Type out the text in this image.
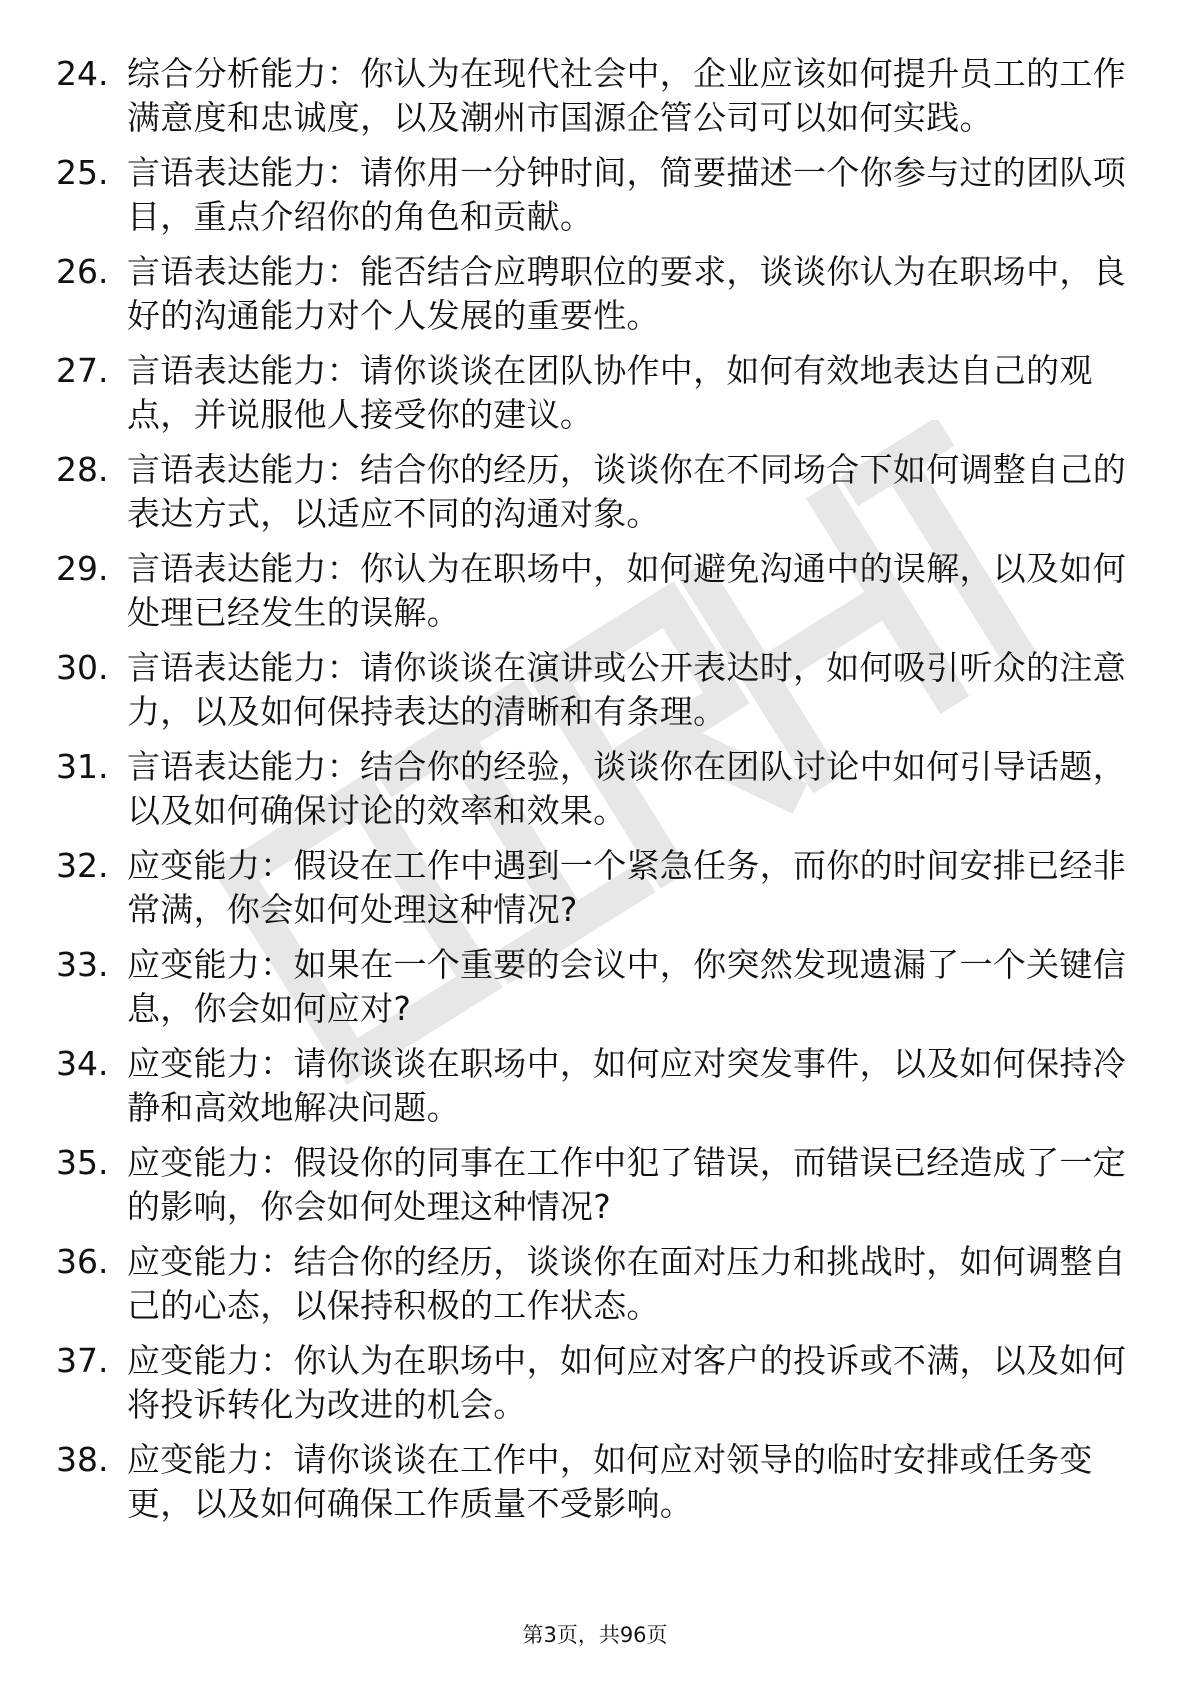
24. 综合分析能力：你认为在现代社会中，企业应该如何提升员工的工作满意度和忠诚度，以及潮州市国源企管公司可以如何实践。
25. 言语表达能力：请你用一分钟时间，简要描述一个你参与过的团队项目，重点介绍你的角色和贡献。
26. 言语表达能力：能否结合应聘职位的要求，谈谈你认为在职场中，良好的沟通能力对个人发展的重要性。
27. 言语表达能力：请你谈谈在团队协作中，如何有效地表达自己的观点，并说服他人接受你的建议。
28. 言语表达能力：结合你的经历，谈谈你在不同场合下如何调整自己的表达方式，以适应不同的沟通对象。
29. 言语表达能力：你认为在职场中，如何避免沟通中的误解，以及如何处理已经发生的误解。
30. 言语表达能力：请你谈谈在演讲或公开表达时，如何吸引听众的注意力，以及如何保持表达的清晰和有条理。
31. 言语表达能力：结合你的经验，谈谈你在团队讨论中如何引导话题，以及如何确保讨论的效率和效果。
32. 应变能力：假设在工作中遇到一个紧急任务，而你的时间安排已经非常满，你会如何处理这种情况?
33. 应变能力：如果在一个重要的会议中，你突然发现遗漏了一个关键信息，你会如何应对?
34. 应变能力：请你谈谈在职场中，如何应对突发事件，以及如何保持冷静和高效地解决问题。
35. 应变能力：假设你的同事在工作中犯了错误，而错误已经造成了一定的影响，你会如何处理这种情况?
36. 应变能力：结合你的经历，谈谈你在面对压力和挑战时，如何调整自己的心态，以保持积极的工作状态。
37. 应变能力：你认为在职场中，如何应对客户的投诉或不满，以及如何将投诉转化为改进的机会。
38. 应变能力：请你谈谈在工作中，如何应对领导的临时安排或任务变更，以及如何确保工作质量不受影响。
第3页，共96页
